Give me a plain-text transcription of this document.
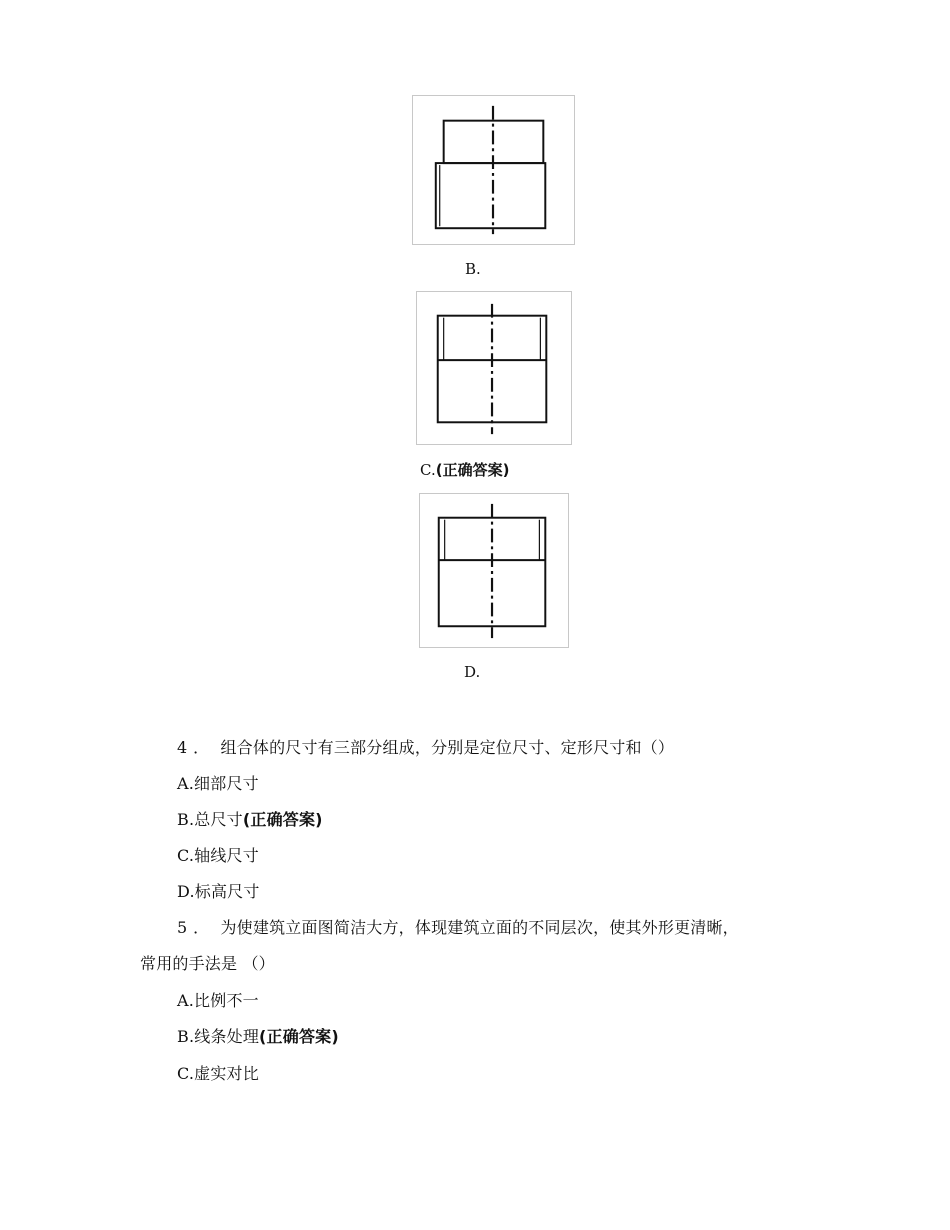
B.
C.(正确答案)
D.
4． 组合体的尺寸有三部分组成，分别是定位尺寸、定形尺寸和（）
A.细部尺寸
B.总尺寸(正确答案)
C.轴线尺寸
D.标高尺寸
5． 为使建筑立面图简洁大方，体现建筑立面的不同层次，使其外形更清晰，
常用的手法是 （）
A.比例不一
B.线条处理(正确答案)
C.虚实对比
